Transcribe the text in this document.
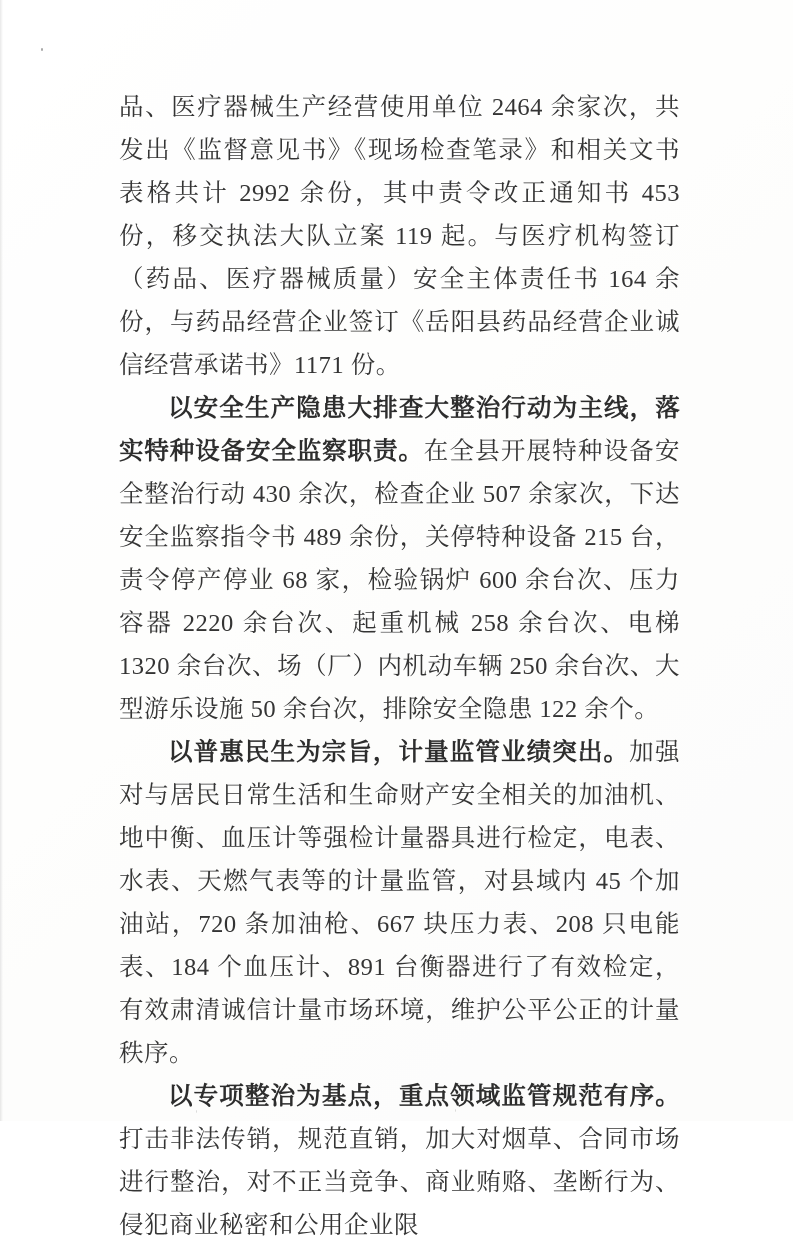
品、医疗器械生产经营使用单位 2464 余家次，共发出《监督意见书》《现场检查笔录》和相关文书表格共计 2992 余份，其中责令改正通知书 453 份，移交执法大队立案 119 起。与医疗机构签订（药品、医疗器械质量）安全主体责任书 164 余份，与药品经营企业签订《岳阳县药品经营企业诚信经营承诺书》1171 份。

以安全生产隐患大排查大整治行动为主线，落实特种设备安全监察职责。在全县开展特种设备安全整治行动 430 余次，检查企业 507 余家次，下达安全监察指令书 489 余份，关停特种设备 215 台，责令停产停业 68 家，检验锅炉 600 余台次、压力容器 2220 余台次、起重机械 258 余台次、电梯 1320 余台次、场（厂）内机动车辆 250 余台次、大型游乐设施 50 余台次，排除安全隐患 122 余个。

以普惠民生为宗旨，计量监管业绩突出。加强对与居民日常生活和生命财产安全相关的加油机、地中衡、血压计等强检计量器具进行检定，电表、水表、天燃气表等的计量监管，对县域内 45 个加油站，720 条加油枪、667 块压力表、208 只电能表、184 个血压计、891 台衡器进行了有效检定，有效肃清诚信计量市场环境，维护公平公正的计量秩序。

以专项整治为基点，重点领域监管规范有序。打击非法传销，规范直销，加大对烟草、合同市场进行整治，对不正当竞争、商业贿赂、垄断行为、侵犯商业秘密和公用企业限
